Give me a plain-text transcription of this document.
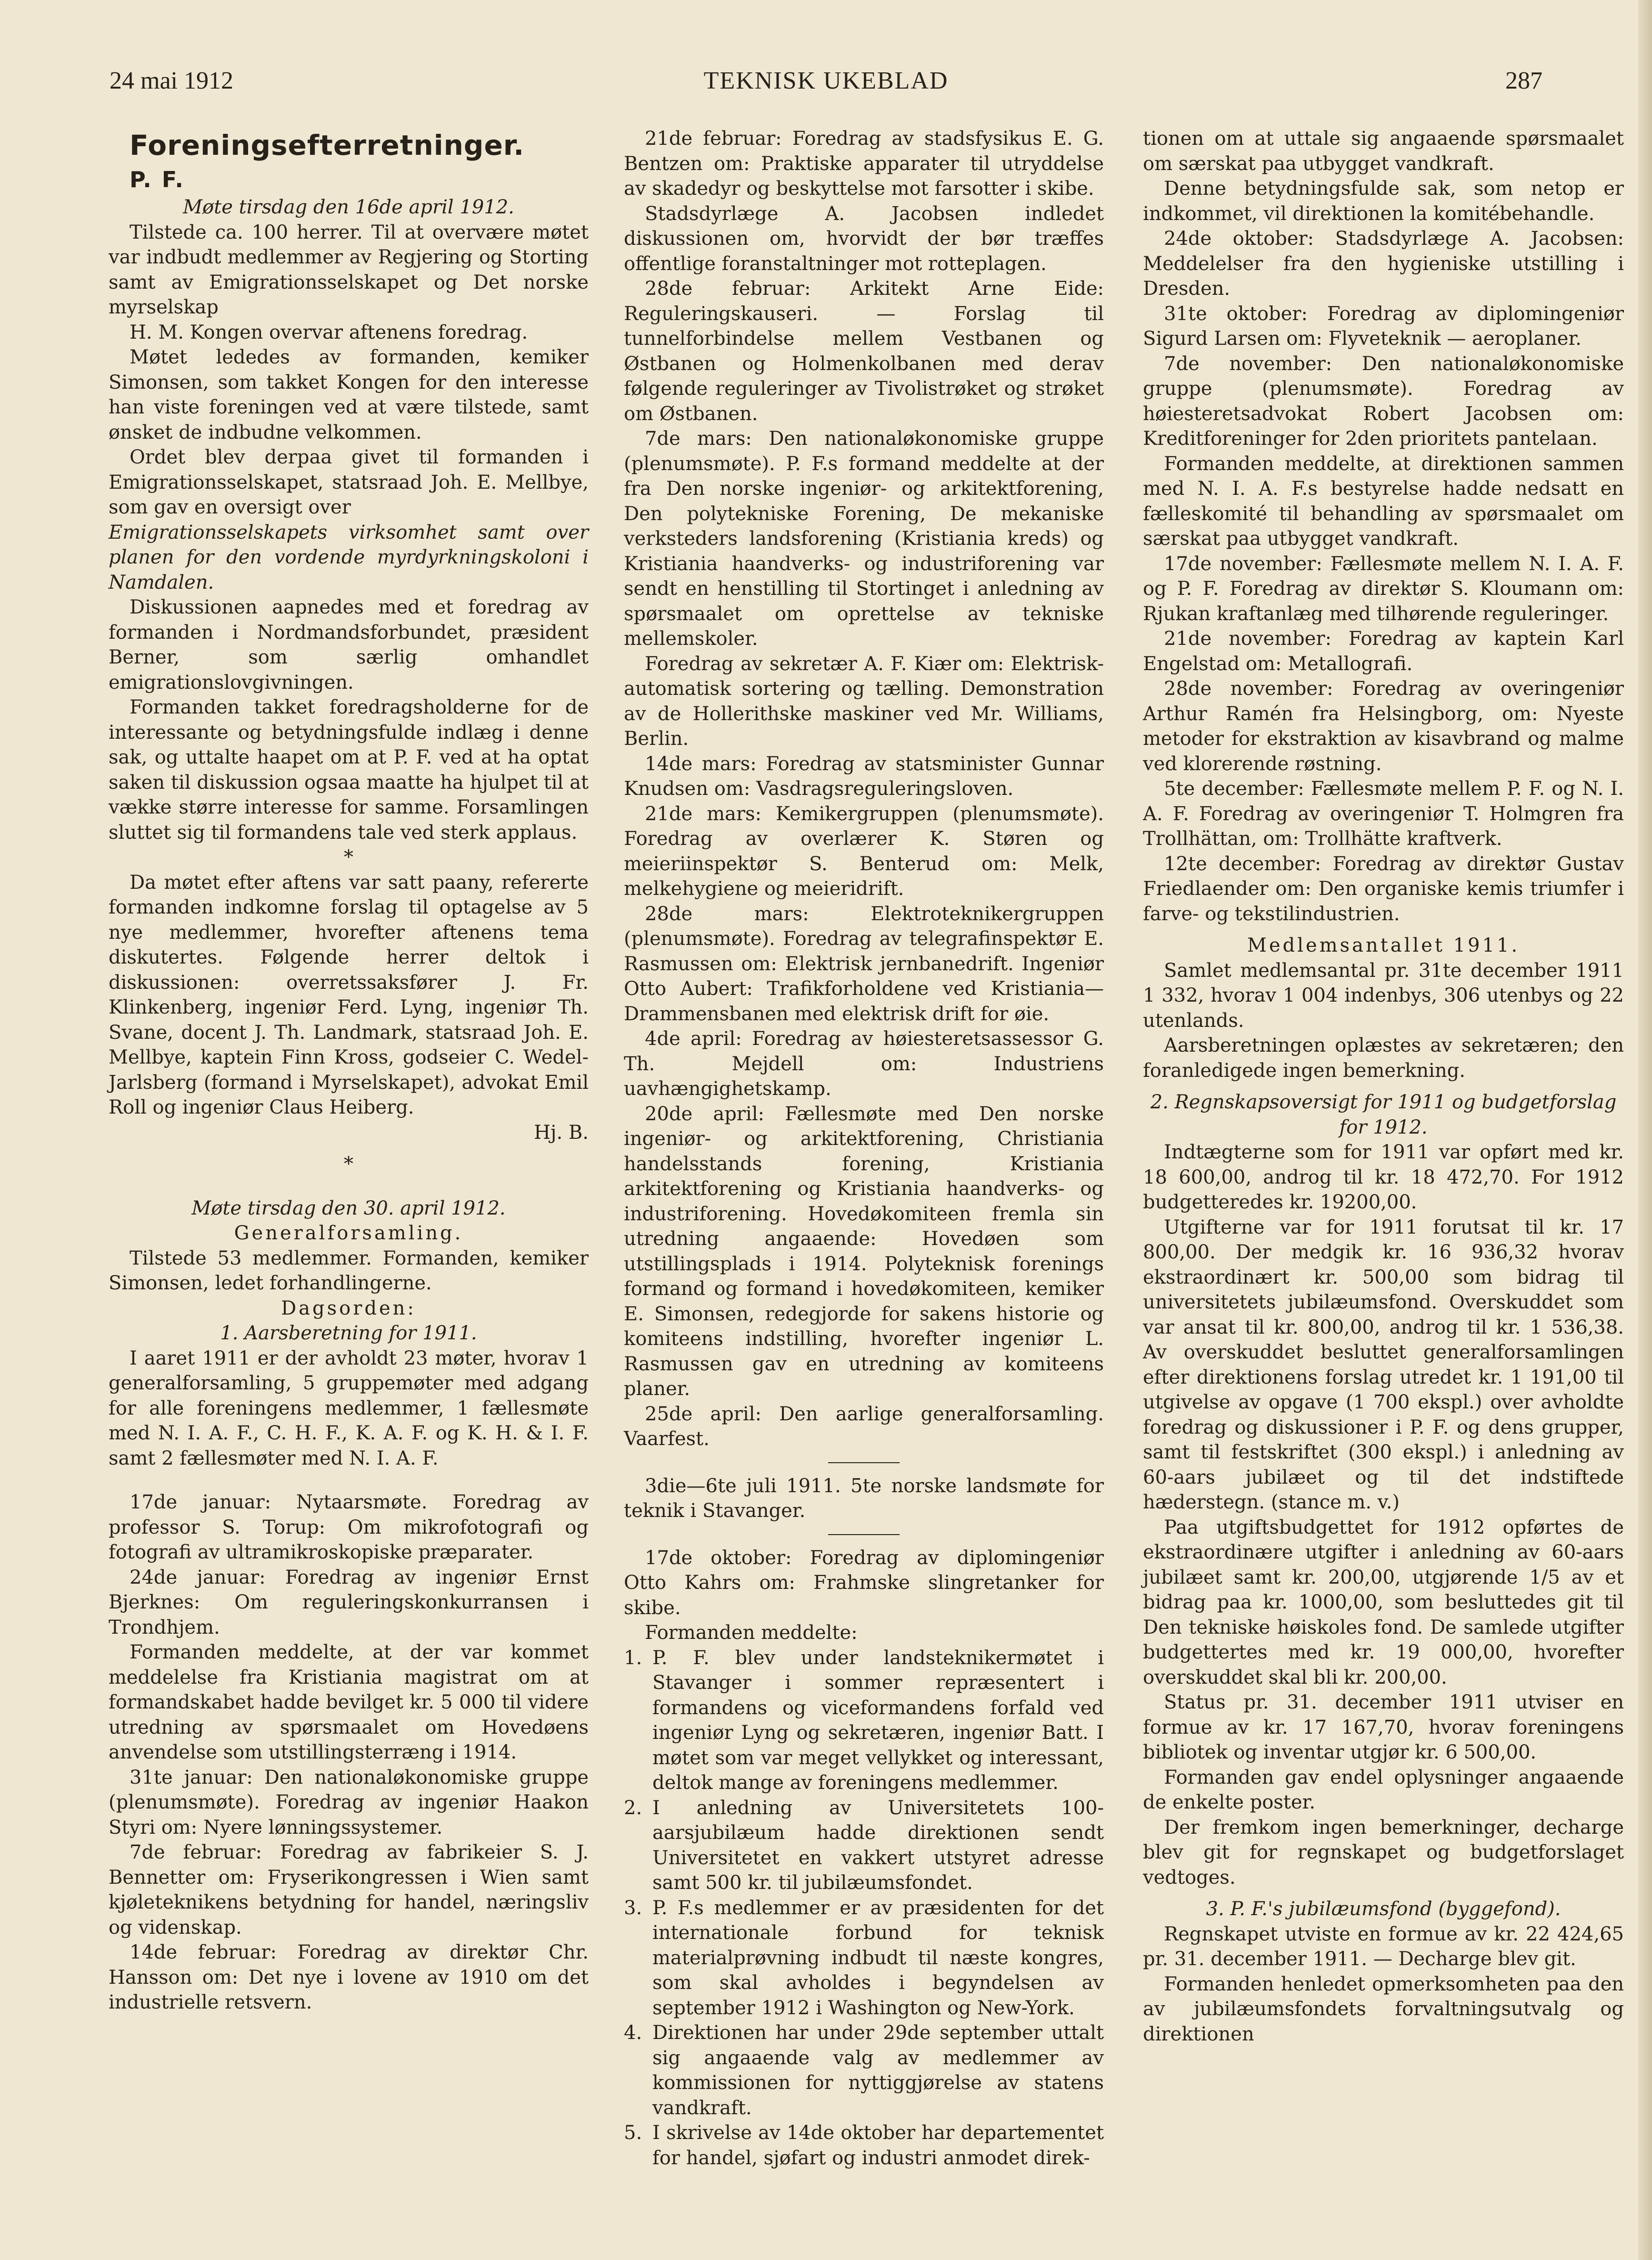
24 mai 1912	TEKNISK UKEBLAD	287

Foreningsefterretninger.

P. F.

Møte tirsdag den 16de april 1912.

Tilstede ca. 100 herrer. Til at overvære møtet var indbudt medlemmer av Regjering og Storting samt av Emigrationsselskapet og Det norske myrselskap

H. M. Kongen overvar aftenens foredrag.

Møtet lededes av formanden, kemiker Simonsen, som takket Kongen for den interesse han viste foreningen ved at være tilstede, samt ønsket de indbudne velkommen.

Ordet blev derpaa givet til formanden i Emigrationsselskapet, statsraad Joh. E. Mellbye, som gav en oversigt over

Emigrationsselskapets virksomhet samt over planen for den vordende myrdyrkningskoloni i Namdalen.

Diskussionen aapnedes med et foredrag av formanden i Nordmandsforbundet, præsident Berner, som særlig omhandlet emigrationslovgivningen.

Formanden takket foredragsholderne for de interessante og betydningsfulde indlæg i denne sak, og uttalte haapet om at P. F. ved at ha optat saken til diskussion ogsaa maatte ha hjulpet til at vække større interesse for samme. Forsamlingen sluttet sig til formandens tale ved sterk applaus.

*

Da møtet efter aftens var satt paany, refererte formanden indkomne forslag til optagelse av 5 nye medlemmer, hvorefter aftenens tema diskutertes. Følgende herrer deltok i diskussionen: overretssaksfører J. Fr. Klinkenberg, ingeniør Ferd. Lyng, ingeniør Th. Svane, docent J. Th. Landmark, statsraad Joh. E. Mellbye, kaptein Finn Kross, godseier C. Wedel-Jarlsberg (formand i Myrselskapet), advokat Emil Roll og ingeniør Claus Heiberg.

Hj. B.

*

Møte tirsdag den 30. april 1912.

Generalforsamling.

Tilstede 53 medlemmer. Formanden, kemiker Simonsen, ledet forhandlingerne.

Dagsorden:

1. Aarsberetning for 1911.

I aaret 1911 er der avholdt 23 møter, hvorav 1 generalforsamling, 5 gruppemøter med adgang for alle foreningens medlemmer, 1 fællesmøte med N. I. A. F., C. H. F., K. A. F. og K. H. & I. F. samt 2 fællesmøter med N. I. A. F.

17de januar: Nytaarsmøte. Foredrag av professor S. Torup: Om mikrofotografi og fotografi av ultramikroskopiske præparater.

24de januar: Foredrag av ingeniør Ernst Bjerknes: Om reguleringskonkurransen i Trondhjem.

Formanden meddelte, at der var kommet meddelelse fra Kristiania magistrat om at formandskabet hadde bevilget kr. 5 000 til videre utredning av spørsmaalet om Hovedøens anvendelse som utstillingsterræng i 1914.

31te januar: Den nationaløkonomiske gruppe (plenumsmøte). Foredrag av ingeniør Haakon Styri om: Nyere lønningssystemer.

7de februar: Foredrag av fabrikeier S. J. Bennetter om: Fryserikongressen i Wien samt kjøleteknikens betydning for handel, næringsliv og videnskap.

14de februar: Foredrag av direktør Chr. Hansson om: Det nye i lovene av 1910 om det industrielle retsvern.

21de februar: Foredrag av stadsfysikus E. G. Bentzen om: Praktiske apparater til utryddelse av skadedyr og beskyttelse mot farsotter i skibe.

Stadsdyrlæge A. Jacobsen indledet diskussionen om, hvorvidt der bør træffes offentlige foranstaltninger mot rotteplagen.

28de februar: Arkitekt Arne Eide: Reguleringskauseri. — Forslag til tunnelforbindelse mellem Vestbanen og Østbanen og Holmenkolbanen med derav følgende reguleringer av Tivolistrøket og strøket om Østbanen.

7de mars: Den nationaløkonomiske gruppe (plenumsmøte). P. F.s formand meddelte at der fra Den norske ingeniør- og arkitektforening, Den polytekniske Forening, De mekaniske verksteders landsforening (Kristiania kreds) og Kristiania haandverks- og industriforening var sendt en henstilling til Stortinget i anledning av spørsmaalet om oprettelse av tekniske mellemskoler.

Foredrag av sekretær A. F. Kiær om: Elektrisk-automatisk sortering og tælling. Demonstration av de Hollerithske maskiner ved Mr. Williams, Berlin.

14de mars: Foredrag av statsminister Gunnar Knudsen om: Vasdragsreguleringsloven.

21de mars: Kemikergruppen (plenumsmøte). Foredrag av overlærer K. Støren og meieriinspektør S. Benterud om: Melk, melkehygiene og meieridrift.

28de mars: Elektroteknikergruppen (plenumsmøte). Foredrag av telegrafinspektør E. Rasmussen om: Elektrisk jernbanedrift. Ingeniør Otto Aubert: Trafikforholdene ved Kristiania—Drammensbanen med elektrisk drift for øie.

4de april: Foredrag av høiesteretsassessor G. Th. Mejdell om: Industriens uavhængighetskamp.

20de april: Fællesmøte med Den norske ingeniør- og arkitektforening, Christiania handelsstands forening, Kristiania arkitektforening og Kristiania haandverks- og industriforening. Hovedøkomiteen fremla sin utredning angaaende: Hovedøen som utstillingsplads i 1914. Polyteknisk forenings formand og formand i hovedøkomiteen, kemiker E. Simonsen, redegjorde for sakens historie og komiteens indstilling, hvorefter ingeniør L. Rasmussen gav en utredning av komiteens planer.

25de april: Den aarlige generalforsamling. Vaarfest.

3die—6te juli 1911. 5te norske landsmøte for teknik i Stavanger.

17de oktober: Foredrag av diplomingeniør Otto Kahrs om: Frahmske slingretanker for skibe.

Formanden meddelte:

1. P. F. blev under landsteknikermøtet i Stavanger i sommer repræsentert i formandens og viceformandens forfald ved ingeniør Lyng og sekretæren, ingeniør Batt. I møtet som var meget vellykket og interessant, deltok mange av foreningens medlemmer.
2. I anledning av Universitetets 100-aarsjubilæum hadde direktionen sendt Universitetet en vakkert utstyret adresse samt 500 kr. til jubilæumsfondet.
3. P. F.s medlemmer er av præsidenten for det internationale forbund for teknisk materialprøvning indbudt til næste kongres, som skal avholdes i begyndelsen av september 1912 i Washington og New-York.
4. Direktionen har under 29de september uttalt sig angaaende valg av medlemmer av kommissionen for nyttiggjørelse av statens vandkraft.
5. I skrivelse av 14de oktober har departementet for handel, sjøfart og industri anmodet direk-

tionen om at uttale sig angaaende spørsmaalet om særskat paa utbygget vandkraft.

Denne betydningsfulde sak, som netop er indkommet, vil direktionen la komitébehandle.

24de oktober: Stadsdyrlæge A. Jacobsen: Meddelelser fra den hygieniske utstilling i Dresden.

31te oktober: Foredrag av diplomingeniør Sigurd Larsen om: Flyveteknik — aeroplaner.

7de november: Den nationaløkonomiske gruppe (plenumsmøte). Foredrag av høiesteretsadvokat Robert Jacobsen om: Kreditforeninger for 2den prioritets pantelaan.

Formanden meddelte, at direktionen sammen med N. I. A. F.s bestyrelse hadde nedsatt en fælleskomité til behandling av spørsmaalet om særskat paa utbygget vandkraft.

17de november: Fællesmøte mellem N. I. A. F. og P. F. Foredrag av direktør S. Kloumann om: Rjukan kraftanlæg med tilhørende reguleringer.

21de november: Foredrag av kaptein Karl Engelstad om: Metallografi.

28de november: Foredrag av overingeniør Arthur Ramén fra Helsingborg, om: Nyeste metoder for ekstraktion av kisavbrand og malme ved klorerende røstning.

5te december: Fællesmøte mellem P. F. og N. I. A. F. Foredrag av overingeniør T. Holmgren fra Trollhättan, om: Trollhätte kraftverk.

12te december: Foredrag av direktør Gustav Friedlaender om: Den organiske kemis triumfer i farve- og tekstilindustrien.

Medlemsantallet 1911.

Samlet medlemsantal pr. 31te december 1911 1 332, hvorav 1 004 indenbys, 306 utenbys og 22 utenlands.

Aarsberetningen oplæstes av sekretæren; den foranledigede ingen bemerkning.

2. Regnskapsoversigt for 1911 og budgetforslag for 1912.

Indtægterne som for 1911 var opført med kr. 18 600,00, androg til kr. 18 472,70. For 1912 budgetteredes kr. 19200,00.

Utgifterne var for 1911 forutsat til kr. 17 800,00. Der medgik kr. 16 936,32 hvorav ekstraordinært kr. 500,00 som bidrag til universitetets jubilæumsfond. Overskuddet som var ansat til kr. 800,00, androg til kr. 1 536,38. Av overskuddet besluttet generalforsamlingen efter direktionens forslag utredet kr. 1 191,00 til utgivelse av opgave (1 700 ekspl.) over avholdte foredrag og diskussioner i P. F. og dens grupper, samt til festskriftet (300 ekspl.) i anledning av 60-aars jubilæet og til det indstiftede hæderstegn. (stance m. v.)

Paa utgiftsbudgettet for 1912 opførtes de ekstraordinære utgifter i anledning av 60-aars jubilæet samt kr. 200,00, utgjørende 1/5 av et bidrag paa kr. 1000,00, som besluttedes git til Den tekniske høiskoles fond. De samlede utgifter budgettertes med kr. 19 000,00, hvorefter overskuddet skal bli kr. 200,00.

Status pr. 31. december 1911 utviser en formue av kr. 17 167,70, hvorav foreningens bibliotek og inventar utgjør kr. 6 500,00.

Formanden gav endel oplysninger angaaende de enkelte poster.

Der fremkom ingen bemerkninger, decharge blev git for regnskapet og budgetforslaget vedtoges.

3. P. F.'s jubilæumsfond (byggefond).

Regnskapet utviste en formue av kr. 22 424,65 pr. 31. december 1911. — Decharge blev git.

Formanden henledet opmerksomheten paa den av jubilæumsfondets forvaltningsutvalg og direktionen
